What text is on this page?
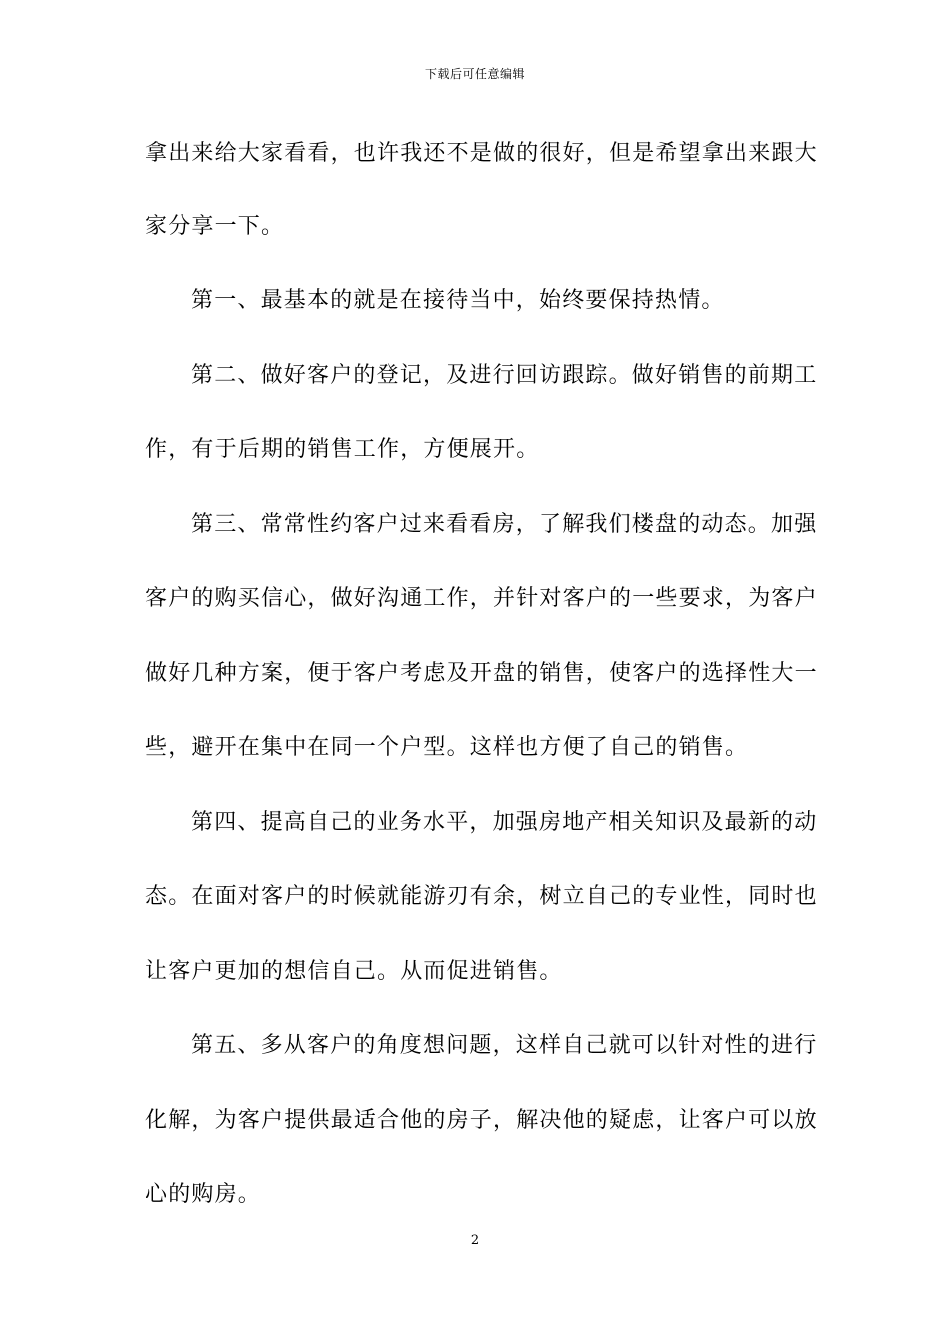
下载后可任意编辑
拿出来给大家看看，也许我还不是做的很好，但是希望拿出来跟大
家分享一下。
第一、最基本的就是在接待当中，始终要保持热情。
第二、做好客户的登记，及进行回访跟踪。做好销售的前期工
作，有于后期的销售工作，方便展开。
第三、常常性约客户过来看看房，了解我们楼盘的动态。加强
客户的购买信心，做好沟通工作，并针对客户的一些要求，为客户
做好几种方案，便于客户考虑及开盘的销售，使客户的选择性大一
些，避开在集中在同一个户型。这样也方便了自己的销售。
第四、提高自己的业务水平，加强房地产相关知识及最新的动
态。在面对客户的时候就能游刃有余，树立自己的专业性，同时也
让客户更加的想信自己。从而促进销售。
第五、多从客户的角度想问题，这样自己就可以针对性的进行
化解，为客户提供最适合他的房子，解决他的疑虑，让客户可以放
心的购房。
2
